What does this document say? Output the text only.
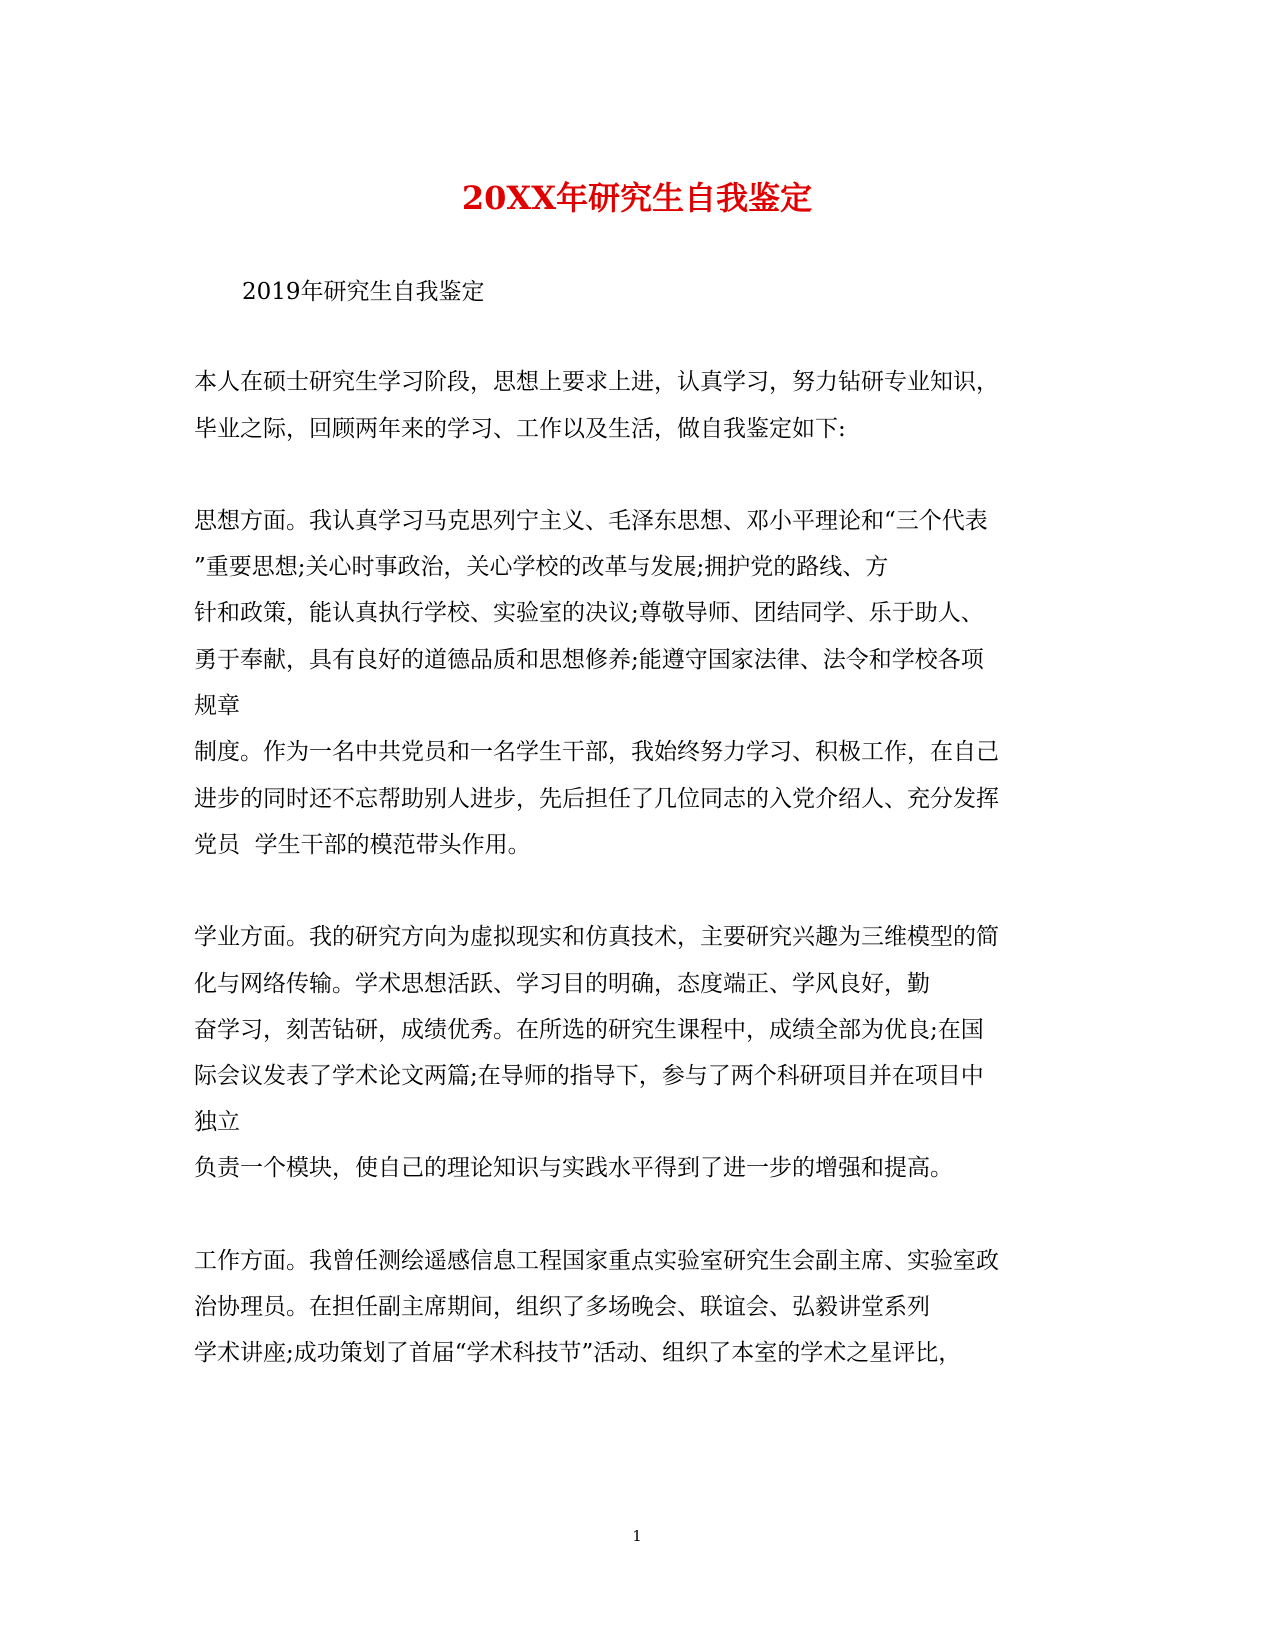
20XX年研究生自我鉴定
2019年研究生自我鉴定
本人在硕士研究生学习阶段，思想上要求上进，认真学习，努力钻研专业知识，
毕业之际，回顾两年来的学习、工作以及生活，做自我鉴定如下:
思想方面。我认真学习马克思列宁主义、毛泽东思想、邓小平理论和“三个代表
”重要思想;关心时事政治，关心学校的改革与发展;拥护党的路线、方
针和政策，能认真执行学校、实验室的决议;尊敬导师、团结同学、乐于助人、
勇于奉献，具有良好的道德品质和思想修养;能遵守国家法律、法令和学校各项
规章
制度。作为一名中共党员和一名学生干部，我始终努力学习、积极工作，在自己
进步的同时还不忘帮助别人进步，先后担任了几位同志的入党介绍人、充分发挥
党员  学生干部的模范带头作用。
学业方面。我的研究方向为虚拟现实和仿真技术，主要研究兴趣为三维模型的简
化与网络传输。学术思想活跃、学习目的明确，态度端正、学风良好，勤
奋学习，刻苦钻研，成绩优秀。在所选的研究生课程中，成绩全部为优良;在国
际会议发表了学术论文两篇;在导师的指导下，参与了两个科研项目并在项目中
独立
负责一个模块，使自己的理论知识与实践水平得到了进一步的增强和提高。
工作方面。我曾任测绘遥感信息工程国家重点实验室研究生会副主席、实验室政
治协理员。在担任副主席期间，组织了多场晚会、联谊会、弘毅讲堂系列
学术讲座;成功策划了首届“学术科技节”活动、组织了本室的学术之星评比，
1
